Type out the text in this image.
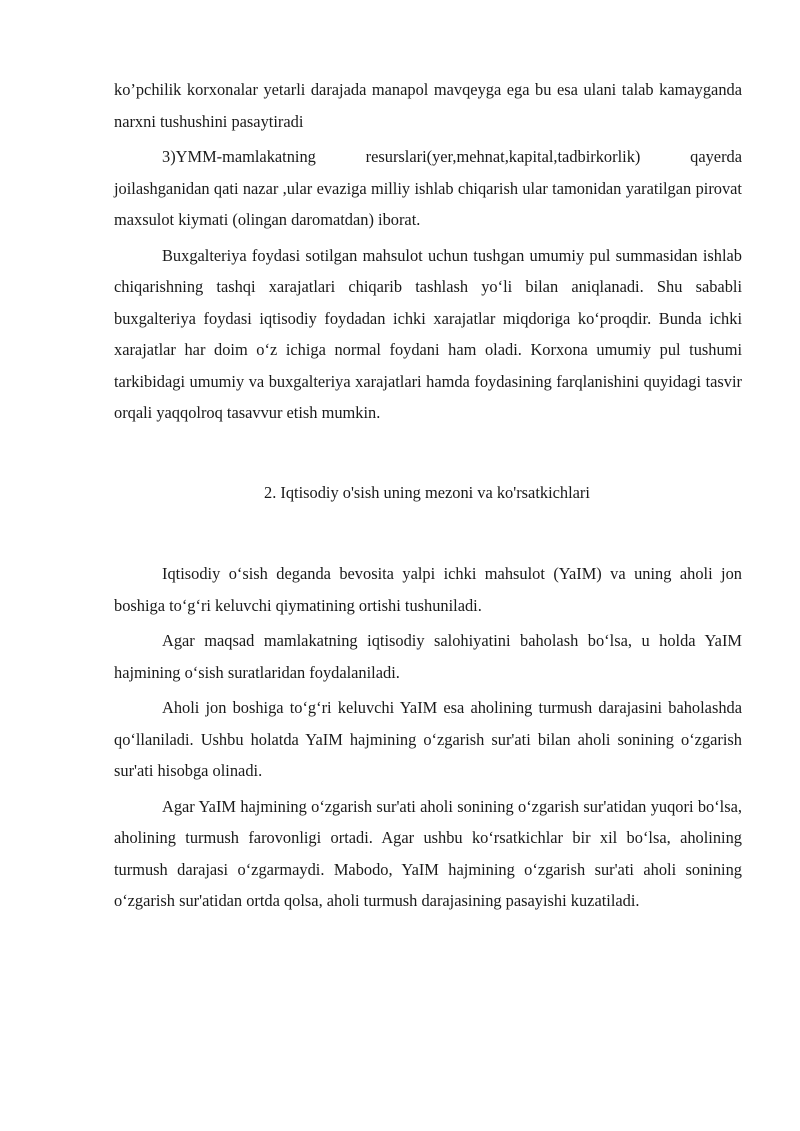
ko’pchilik korxonalar yetarli darajada manapol mavqeyga ega bu esa ulani talab kamayganda narxni tushushini pasaytiradi

3)YMM-mamlakatning resurslari(yer,mehnat,kapital,tadbirkorlik) qayerda joilashganidan qati nazar ,ular evaziga milliy ishlab chiqarish ular tamonidan yaratilgan pirovat maxsulot kiymati (olingan daromatdan) iborat.

Buxgalteriya foydasi sotilgan mahsulot uchun tushgan umumiy pul summasidan ishlab chiqarishning tashqi xarajatlari chiqarib tashlash yo‘li bilan aniqlanadi. Shu sababli buxgalteriya foydasi iqtisodiy foydadan ichki xarajatlar miqdoriga ko‘proqdir. Bunda ichki xarajatlar har doim o‘z ichiga normal foydani ham oladi. Korxona umumiy pul tushumi tarkibidagi umumiy va buxgalteriya xarajatlari hamda foydasining farqlanishini quyidagi tasvir orqali yaqqolroq tasavvur etish mumkin.

2. Iqtisodiy o'sish uning mezoni va ko'rsatkichlari

Iqtisodiy o‘sish deganda bevosita yalpi ichki mahsulot (YaIM) va uning aholi jon boshiga to‘g‘ri keluvchi qiymatining ortishi tushuniladi.

Agar maqsad mamlakatning iqtisodiy salohiyatini baholash bo‘lsa, u holda YaIM hajmining o‘sish suratlaridan foydalaniladi.

Aholi jon boshiga to‘g‘ri keluvchi YaIM esa aholining turmush darajasini baholashda qo‘llaniladi. Ushbu holatda YaIM hajmining o‘zgarish sur'ati bilan aholi sonining o‘zgarish sur'ati hisobga olinadi.

Agar YaIM hajmining o‘zgarish sur'ati aholi sonining o‘zgarish sur'atidan yuqori bo‘lsa, aholining turmush farovonligi ortadi. Agar ushbu ko‘rsatkichlar bir xil bo‘lsa, aholining turmush darajasi o‘zgarmaydi. Mabodo, YaIM hajmining o‘zgarish sur'ati aholi sonining o‘zgarish sur'atidan ortda qolsa, aholi turmush darajasining pasayishi kuzatiladi.
